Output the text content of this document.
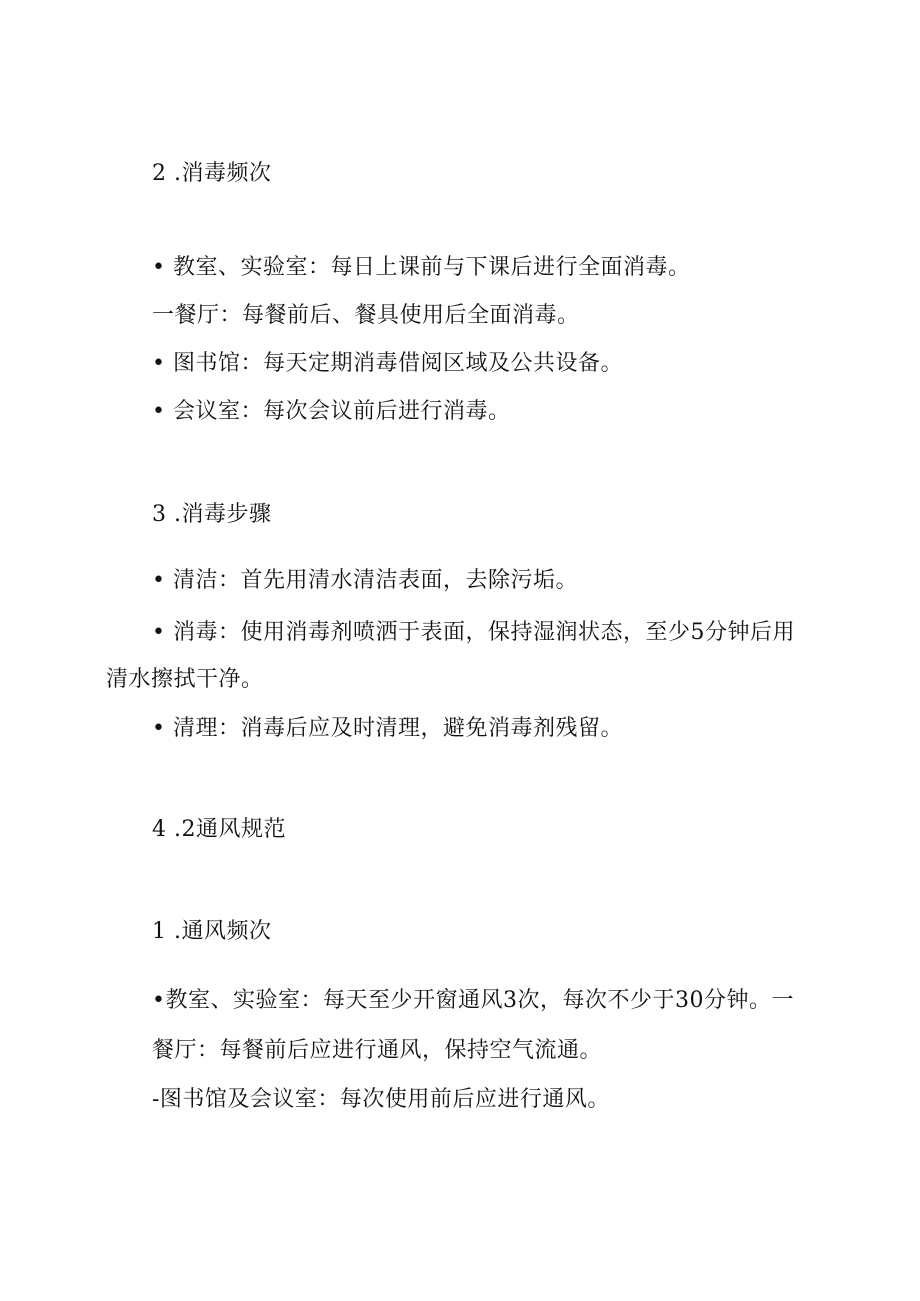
2 .消毒频次
• 教室、实验室：每日上课前与下课后进行全面消毒。
一餐厅：每餐前后、餐具使用后全面消毒。
• 图书馆：每天定期消毒借阅区域及公共设备。
• 会议室：每次会议前后进行消毒。
3 .消毒步骤
• 清洁：首先用清水清洁表面，去除污垢。
• 消毒：使用消毒剂喷洒于表面，保持湿润状态，至少5分钟后用
清水擦拭干净。
• 清理：消毒后应及时清理，避免消毒剂残留。
4 .2通风规范
1 .通风频次
•教室、实验室：每天至少开窗通风3次，每次不少于30分钟。一
餐厅：每餐前后应进行通风，保持空气流通。
-图书馆及会议室：每次使用前后应进行通风。
